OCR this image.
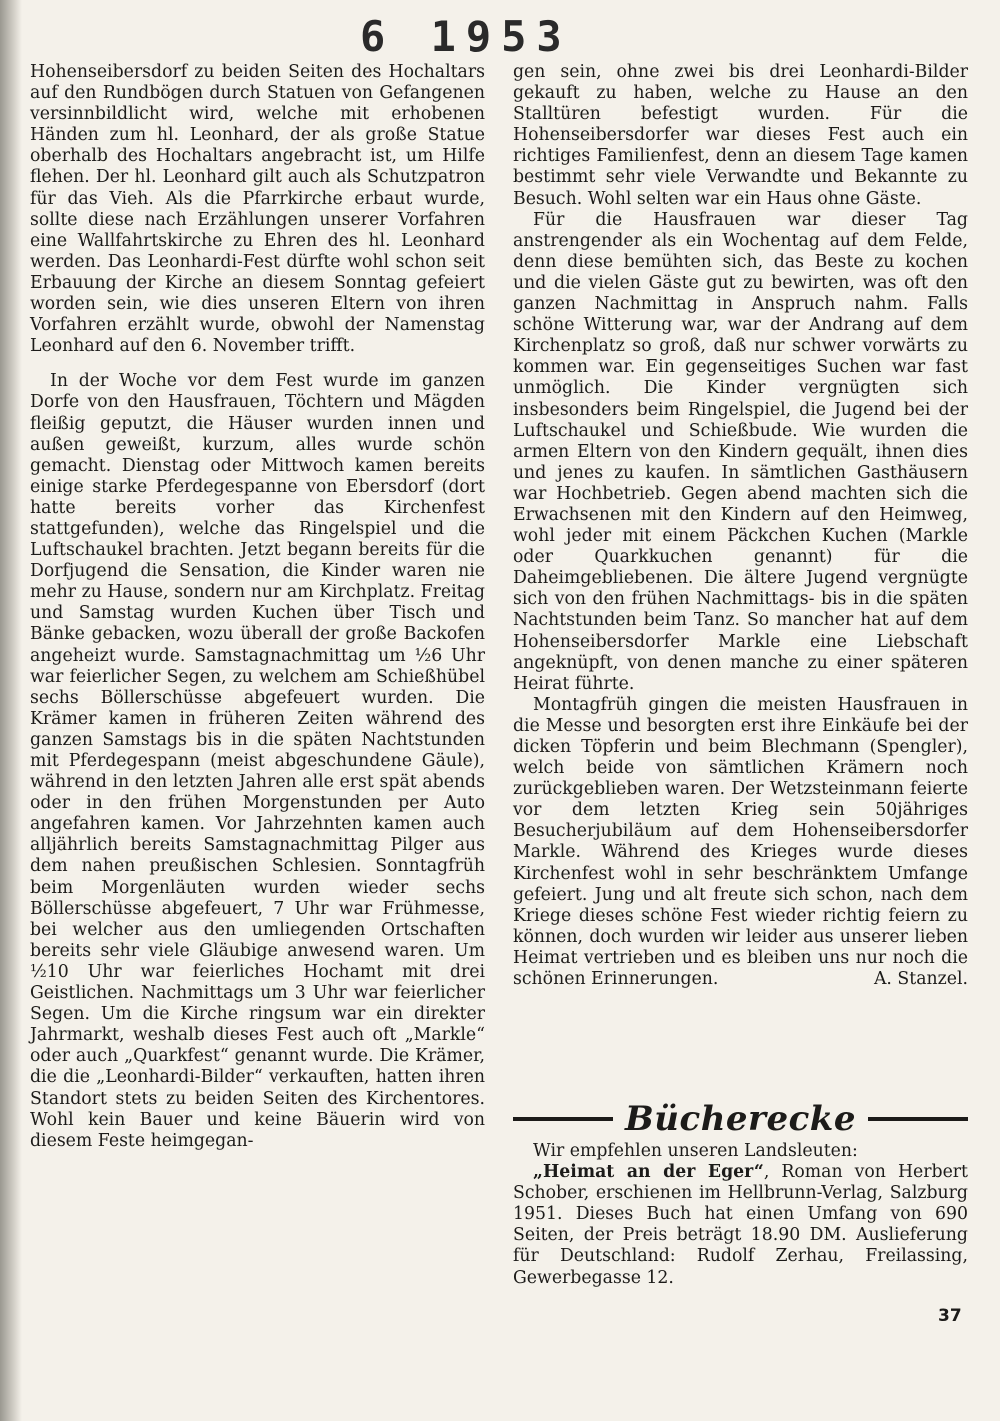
6 1953

Hohenseibersdorf zu beiden Seiten des Hochaltars auf den Rundbögen durch Statuen von Gefangenen versinnbildlicht wird, welche mit erhobenen Händen zum hl. Leonhard, der als große Statue oberhalb des Hochaltars angebracht ist, um Hilfe flehen. Der hl. Leonhard gilt auch als Schutzpatron für das Vieh. Als die Pfarrkirche erbaut wurde, sollte diese nach Erzählungen unserer Vorfahren eine Wallfahrtskirche zu Ehren des hl. Leonhard werden. Das Leonhardi-Fest dürfte wohl schon seit Erbauung der Kirche an diesem Sonntag gefeiert worden sein, wie dies unseren Eltern von ihren Vorfahren erzählt wurde, obwohl der Namenstag Leonhard auf den 6. November trifft.

In der Woche vor dem Fest wurde im ganzen Dorfe von den Hausfrauen, Töchtern und Mägden fleißig geputzt, die Häuser wurden innen und außen geweißt, kurzum, alles wurde schön gemacht. Dienstag oder Mittwoch kamen bereits einige starke Pferdegespanne von Ebersdorf (dort hatte bereits vorher das Kirchenfest stattgefunden), welche das Ringelspiel und die Luftschaukel brachten. Jetzt begann bereits für die Dorfjugend die Sensation, die Kinder waren nie mehr zu Hause, sondern nur am Kirchplatz. Freitag und Samstag wurden Kuchen über Tisch und Bänke gebacken, wozu überall der große Backofen angeheizt wurde. Samstagnachmittag um ½6 Uhr war feierlicher Segen, zu welchem am Schießhübel sechs Böllerschüsse abgefeuert wurden. Die Krämer kamen in früheren Zeiten während des ganzen Samstags bis in die späten Nachtstunden mit Pferdegespann (meist abgeschundene Gäule), während in den letzten Jahren alle erst spät abends oder in den frühen Morgenstunden per Auto angefahren kamen. Vor Jahrzehnten kamen auch alljährlich bereits Samstagnachmittag Pilger aus dem nahen preußischen Schlesien. Sonntagfrüh beim Morgenläuten wurden wieder sechs Böllerschüsse abgefeuert, 7 Uhr war Frühmesse, bei welcher aus den umliegenden Ortschaften bereits sehr viele Gläubige anwesend waren. Um ½10 Uhr war feierliches Hochamt mit drei Geistlichen. Nachmittags um 3 Uhr war feierlicher Segen. Um die Kirche ringsum war ein direkter Jahrmarkt, weshalb dieses Fest auch oft „Markle“ oder auch „Quarkfest“ genannt wurde. Die Krämer, die die „Leonhardi-Bilder“ verkauften, hatten ihren Standort stets zu beiden Seiten des Kirchentores. Wohl kein Bauer und keine Bäuerin wird von diesem Feste heimgegan-

gen sein, ohne zwei bis drei Leonhardi-Bilder gekauft zu haben, welche zu Hause an den Stalltüren befestigt wurden. Für die Hohenseibersdorfer war dieses Fest auch ein richtiges Familienfest, denn an diesem Tage kamen bestimmt sehr viele Verwandte und Bekannte zu Besuch. Wohl selten war ein Haus ohne Gäste.

Für die Hausfrauen war dieser Tag anstrengender als ein Wochentag auf dem Felde, denn diese bemühten sich, das Beste zu kochen und die vielen Gäste gut zu bewirten, was oft den ganzen Nachmittag in Anspruch nahm. Falls schöne Witterung war, war der Andrang auf dem Kirchenplatz so groß, daß nur schwer vorwärts zu kommen war. Ein gegenseitiges Suchen war fast unmöglich. Die Kinder vergnügten sich insbesonders beim Ringelspiel, die Jugend bei der Luftschaukel und Schießbude. Wie wurden die armen Eltern von den Kindern gequält, ihnen dies und jenes zu kaufen. In sämtlichen Gasthäusern war Hochbetrieb. Gegen abend machten sich die Erwachsenen mit den Kindern auf den Heimweg, wohl jeder mit einem Päckchen Kuchen (Markle oder Quarkkuchen genannt) für die Daheimgebliebenen. Die ältere Jugend vergnügte sich von den frühen Nachmittags- bis in die späten Nachtstunden beim Tanz. So mancher hat auf dem Hohenseibersdorfer Markle eine Liebschaft angeknüpft, von denen manche zu einer späteren Heirat führte.

Montagfrüh gingen die meisten Hausfrauen in die Messe und besorgten erst ihre Einkäufe bei der dicken Töpferin und beim Blechmann (Spengler), welch beide von sämtlichen Krämern noch zurückgeblieben waren. Der Wetzsteinmann feierte vor dem letzten Krieg sein 50jähriges Besucherjubiläum auf dem Hohenseibersdorfer Markle. Während des Krieges wurde dieses Kirchenfest wohl in sehr beschränktem Umfange gefeiert. Jung und alt freute sich schon, nach dem Kriege dieses schöne Fest wieder richtig feiern zu können, doch wurden wir leider aus unserer lieben Heimat vertrieben und es bleiben uns nur noch die schönen Erinnerungen.	A. Stanzel.

Bücherecke

Wir empfehlen unseren Landsleuten:

„Heimat an der Eger“, Roman von Herbert Schober, erschienen im Hellbrunn-Verlag, Salzburg 1951. Dieses Buch hat einen Umfang von 690 Seiten, der Preis beträgt 18.90 DM. Auslieferung für Deutschland: Rudolf Zerhau, Freilassing, Gewerbegasse 12.

37
